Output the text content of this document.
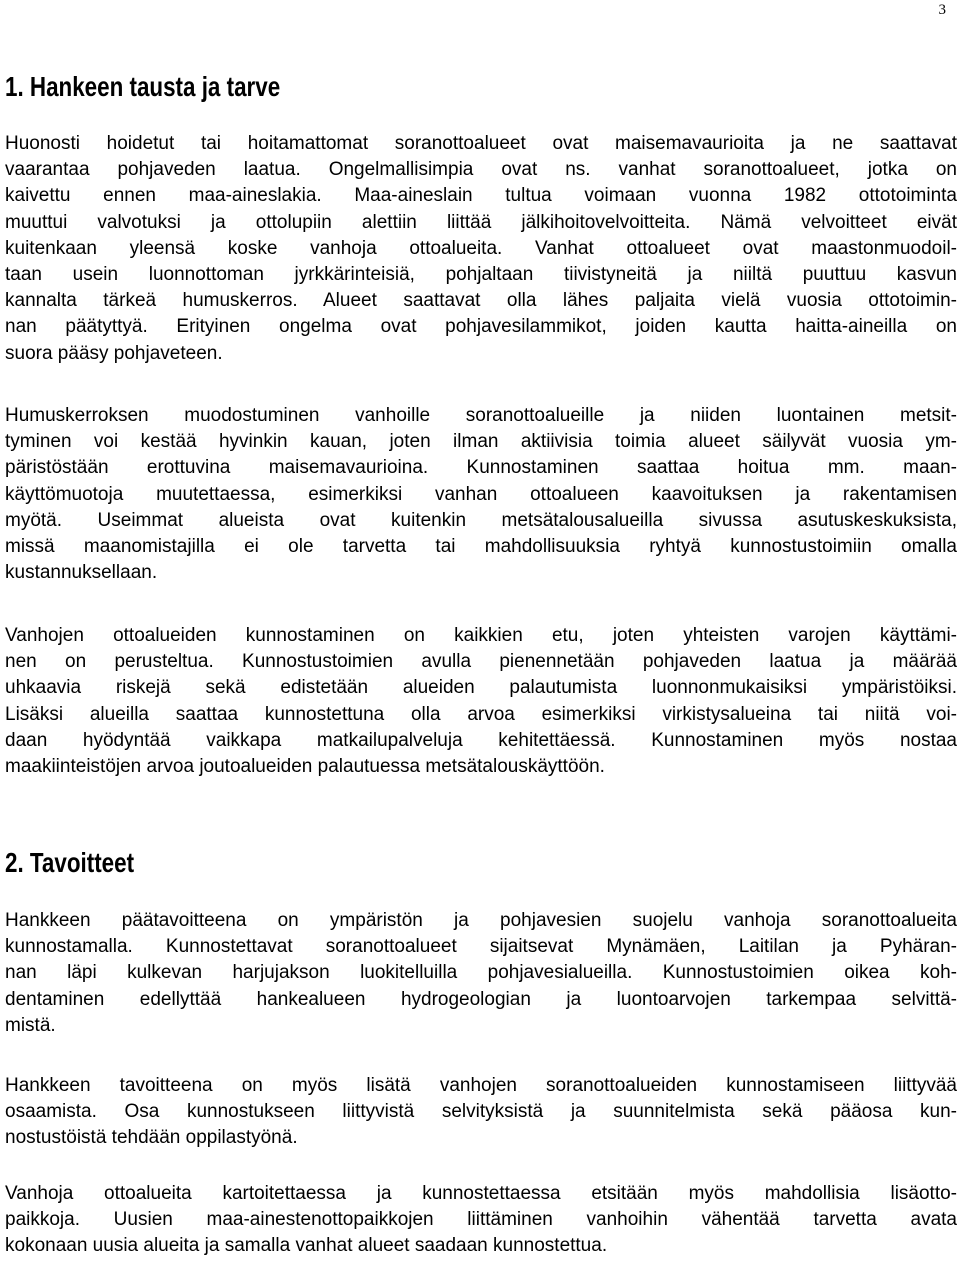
3
1. Hankeen tausta ja tarve
Huonosti hoidetut tai hoitamattomat soranottoalueet ovat maisemavaurioita ja ne saattavat
vaarantaa pohjaveden laatua. Ongelmallisimpia ovat ns. vanhat soranottoalueet, jotka on
kaivettu ennen maa-aineslakia. Maa-aineslain tultua voimaan vuonna 1982 ottotoiminta
muuttui valvotuksi ja ottolupiin alettiin liittää jälkihoitovelvoitteita. Nämä velvoitteet eivät
kuitenkaan yleensä koske vanhoja ottoalueita. Vanhat ottoalueet ovat maastonmuodoil-
taan usein luonnottoman jyrkkärinteisiä, pohjaltaan tiivistyneitä ja niiltä puuttuu kasvun
kannalta tärkeä humuskerros. Alueet saattavat olla lähes paljaita vielä vuosia ottotoimin-
nan päätyttyä. Erityinen ongelma ovat pohjavesilammikot, joiden kautta haitta-aineilla on
suora pääsy pohjaveteen.
Humuskerroksen muodostuminen vanhoille soranottoalueille ja niiden luontainen metsit-
tyminen voi kestää hyvinkin kauan, joten ilman aktiivisia toimia alueet säilyvät vuosia ym-
päristöstään erottuvina maisemavaurioina. Kunnostaminen saattaa hoitua mm. maan-
käyttömuotoja muutettaessa, esimerkiksi vanhan ottoalueen kaavoituksen ja rakentamisen
myötä. Useimmat alueista ovat kuitenkin metsätalousalueilla sivussa asutuskeskuksista,
missä maanomistajilla ei ole tarvetta tai mahdollisuuksia ryhtyä kunnostustoimiin omalla
kustannuksellaan.
Vanhojen ottoalueiden kunnostaminen on kaikkien etu, joten yhteisten varojen käyttämi-
nen on perusteltua. Kunnostustoimien avulla pienennetään pohjaveden laatua ja määrää
uhkaavia riskejä sekä edistetään alueiden palautumista luonnonmukaisiksi ympäristöiksi.
Lisäksi alueilla saattaa kunnostettuna olla arvoa esimerkiksi virkistysalueina tai niitä voi-
daan hyödyntää vaikkapa matkailupalveluja kehitettäessä. Kunnostaminen myös nostaa
maakiinteistöjen arvoa joutoalueiden palautuessa metsätalouskäyttöön.
2. Tavoitteet
Hankkeen päätavoitteena on ympäristön ja pohjavesien suojelu vanhoja soranottoalueita
kunnostamalla. Kunnostettavat soranottoalueet sijaitsevat Mynämäen, Laitilan ja Pyhäran-
nan läpi kulkevan harjujakson luokitelluilla pohjavesialueilla. Kunnostustoimien oikea koh-
dentaminen edellyttää hankealueen hydrogeologian ja luontoarvojen tarkempaa selvittä-
mistä.
Hankkeen tavoitteena on myös lisätä vanhojen soranottoalueiden kunnostamiseen liittyvää
osaamista. Osa kunnostukseen liittyvistä selvityksistä ja suunnitelmista sekä pääosa kun-
nostustöistä tehdään oppilastyönä.
Vanhoja ottoalueita kartoitettaessa ja kunnostettaessa etsitään myös mahdollisia lisäotto-
paikkoja. Uusien maa-ainestenottopaikkojen liittäminen vanhoihin vähentää tarvetta avata
kokonaan uusia alueita ja samalla vanhat alueet saadaan kunnostettua.
